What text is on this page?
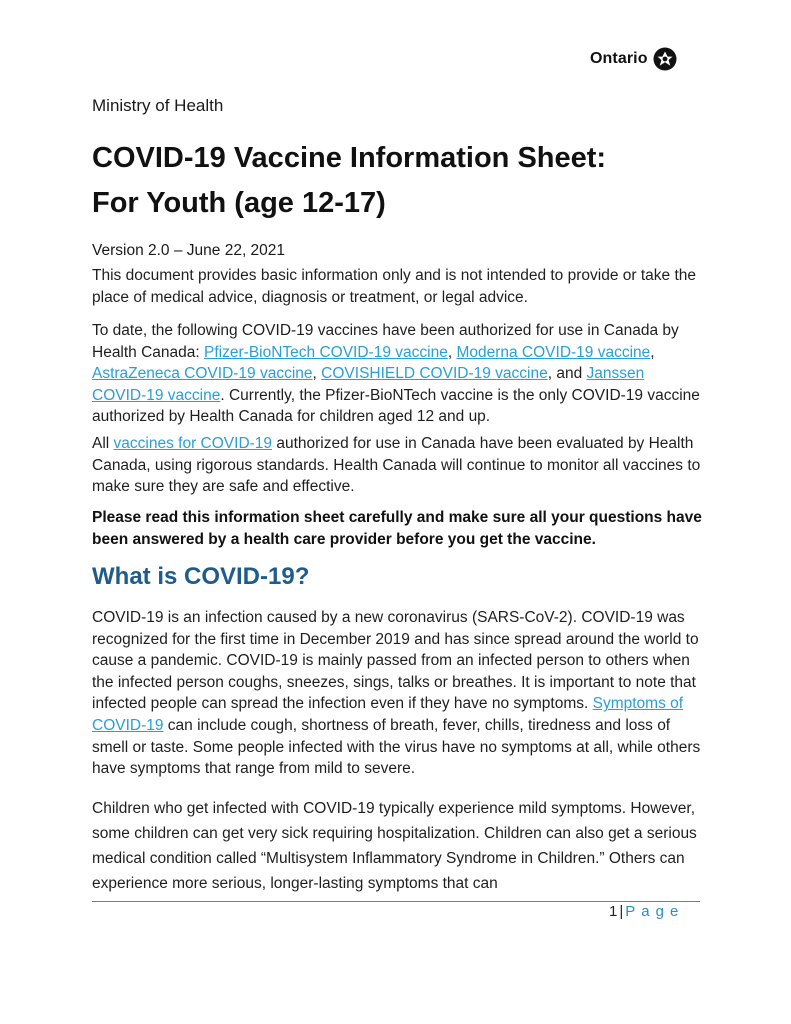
Ontario
Ministry of Health
COVID-19 Vaccine Information Sheet:
For Youth (age 12-17)
Version 2.0 – June 22, 2021

This document provides basic information only and is not intended to provide or take the place of medical advice, diagnosis or treatment, or legal advice.

To date, the following COVID-19 vaccines have been authorized for use in Canada by Health Canada: Pfizer-BioNTech COVID-19 vaccine, Moderna COVID-19 vaccine, AstraZeneca COVID-19 vaccine, COVISHIELD COVID-19 vaccine, and Janssen COVID-19 vaccine. Currently, the Pfizer-BioNTech vaccine is the only COVID-19 vaccine authorized by Health Canada for children aged 12 and up.

All vaccines for COVID-19 authorized for use in Canada have been evaluated by Health Canada, using rigorous standards. Health Canada will continue to monitor all vaccines to make sure they are safe and effective.

Please read this information sheet carefully and make sure all your questions have been answered by a health care provider before you get the vaccine.

What is COVID-19?

COVID-19 is an infection caused by a new coronavirus (SARS-CoV-2). COVID-19 was recognized for the first time in December 2019 and has since spread around the world to cause a pandemic. COVID-19 is mainly passed from an infected person to others when the infected person coughs, sneezes, sings, talks or breathes. It is important to note that infected people can spread the infection even if they have no symptoms. Symptoms of COVID-19 can include cough, shortness of breath, fever, chills, tiredness and loss of smell or taste. Some people infected with the virus have no symptoms at all, while others have symptoms that range from mild to severe.

Children who get infected with COVID-19 typically experience mild symptoms. However, some children can get very sick requiring hospitalization. Children can also get a serious medical condition called “Multisystem Inflammatory Syndrome in Children.” Others can experience more serious, longer-lasting symptoms that can

1 | Page
